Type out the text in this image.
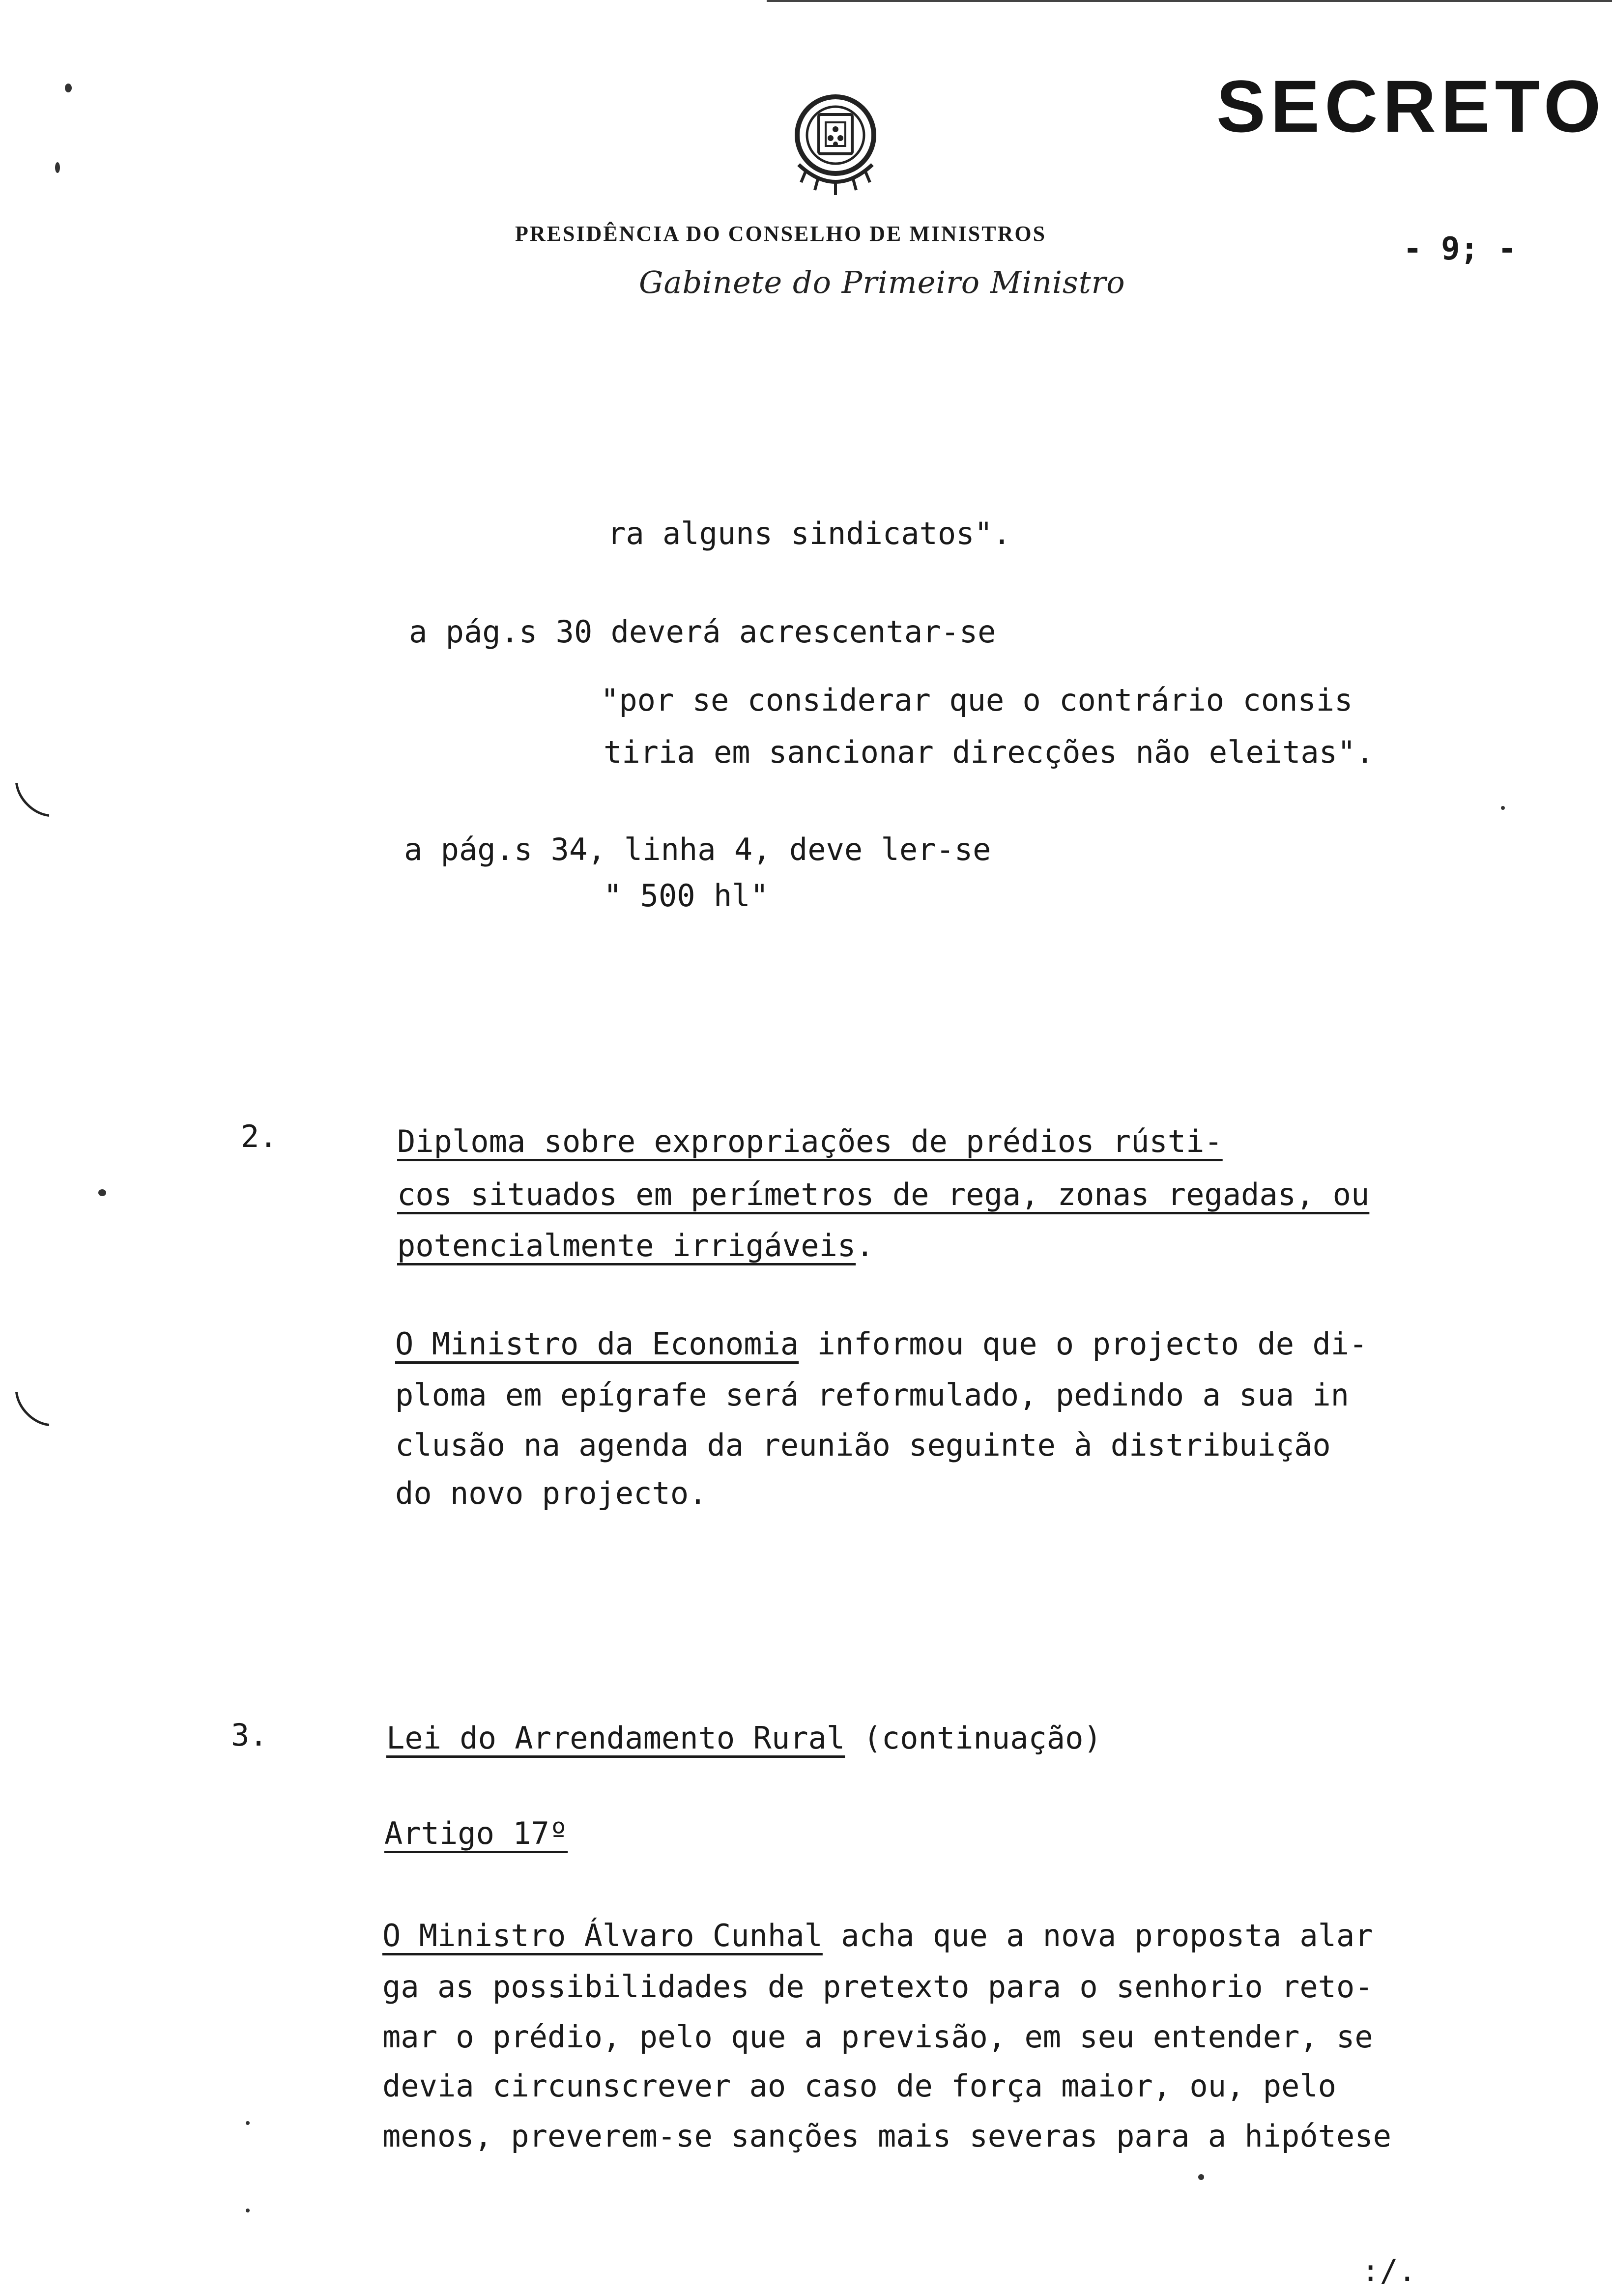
SECRETO
PRESIDÊNCIA DO CONSELHO DE MINISTROS
Gabinete do Primeiro Ministro
- 9; -
ra alguns sindicatos".
a pág.s 30 deverá acrescentar-se
"por se considerar que o contrário consis
tiria em sancionar direcções não eleitas".
a pág.s 34, linha 4, deve ler-se
" 500 hl"
2.	Diploma sobre expropriações de prédios rústi-
cos situados em perímetros de rega, zonas regadas, ou
potencialmente irrigáveis.
O Ministro da Economia informou que o projecto de di-
ploma em epígrafe será reformulado, pedindo a sua in
clusão na agenda da reunião seguinte à distribuição
do novo projecto.
3.	Lei do Arrendamento Rural (continuação)
Artigo 17º
O Ministro Álvaro Cunhal acha que a nova proposta alar
ga as possibilidades de pretexto para o senhorio reto-
mar o prédio, pelo que a previsão, em seu entender, se
devia circunscrever ao caso de força maior, ou, pelo
menos, preverem-se sanções mais severas para a hipótese
:/.
